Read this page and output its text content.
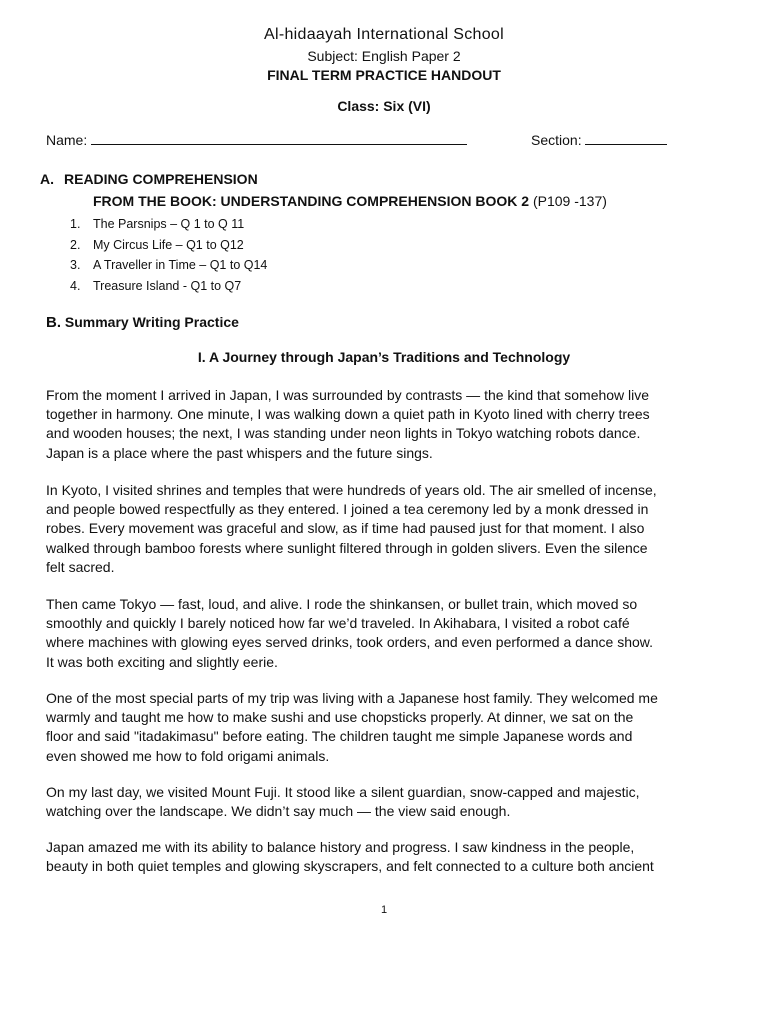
Al-hidaayah International School
Subject: English Paper 2
FINAL TERM PRACTICE HANDOUT
Class: Six (VI)
Name:	Section:
A. READING COMPREHENSION
FROM THE BOOK: UNDERSTANDING COMPREHENSION BOOK 2 (P109 -137)
1. The Parsnips – Q 1 to Q 11
2. My Circus Life – Q1 to Q12
3. A Traveller in Time – Q1 to Q14
4. Treasure Island - Q1 to Q7
B. Summary Writing Practice
I. A Journey through Japan’s Traditions and Technology
From the moment I arrived in Japan, I was surrounded by contrasts — the kind that somehow live
together in harmony. One minute, I was walking down a quiet path in Kyoto lined with cherry trees
and wooden houses; the next, I was standing under neon lights in Tokyo watching robots dance.
Japan is a place where the past whispers and the future sings.
In Kyoto, I visited shrines and temples that were hundreds of years old. The air smelled of incense,
and people bowed respectfully as they entered. I joined a tea ceremony led by a monk dressed in
robes. Every movement was graceful and slow, as if time had paused just for that moment. I also
walked through bamboo forests where sunlight filtered through in golden slivers. Even the silence
felt sacred.
Then came Tokyo — fast, loud, and alive. I rode the shinkansen, or bullet train, which moved so
smoothly and quickly I barely noticed how far we’d traveled. In Akihabara, I visited a robot café
where machines with glowing eyes served drinks, took orders, and even performed a dance show.
It was both exciting and slightly eerie.
One of the most special parts of my trip was living with a Japanese host family. They welcomed me
warmly and taught me how to make sushi and use chopsticks properly. At dinner, we sat on the
floor and said "itadakimasu" before eating. The children taught me simple Japanese words and
even showed me how to fold origami animals.
On my last day, we visited Mount Fuji. It stood like a silent guardian, snow-capped and majestic,
watching over the landscape. We didn’t say much — the view said enough.
Japan amazed me with its ability to balance history and progress. I saw kindness in the people,
beauty in both quiet temples and glowing skyscrapers, and felt connected to a culture both ancient
1
